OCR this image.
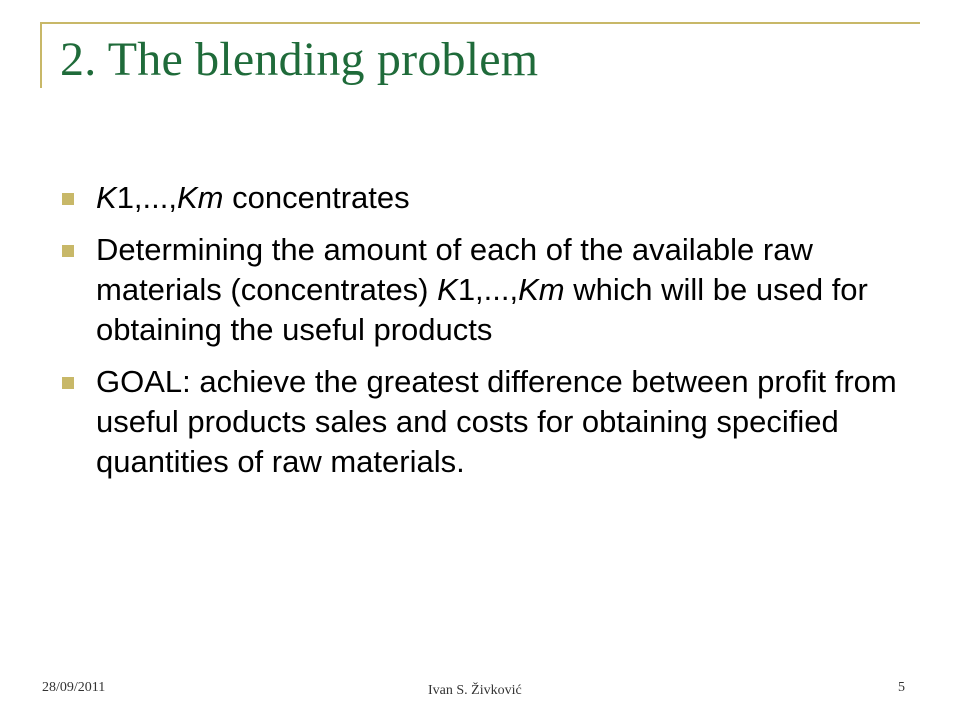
2. The blending problem
K1,...,Km concentrates
Determining the amount of each of the available raw materials (concentrates) K1,...,Km which will be used for obtaining the useful products
GOAL: achieve the greatest difference between profit from useful products sales and costs for obtaining specified quantities of raw materials.
28/09/2011	Ivan S. Živković	5
